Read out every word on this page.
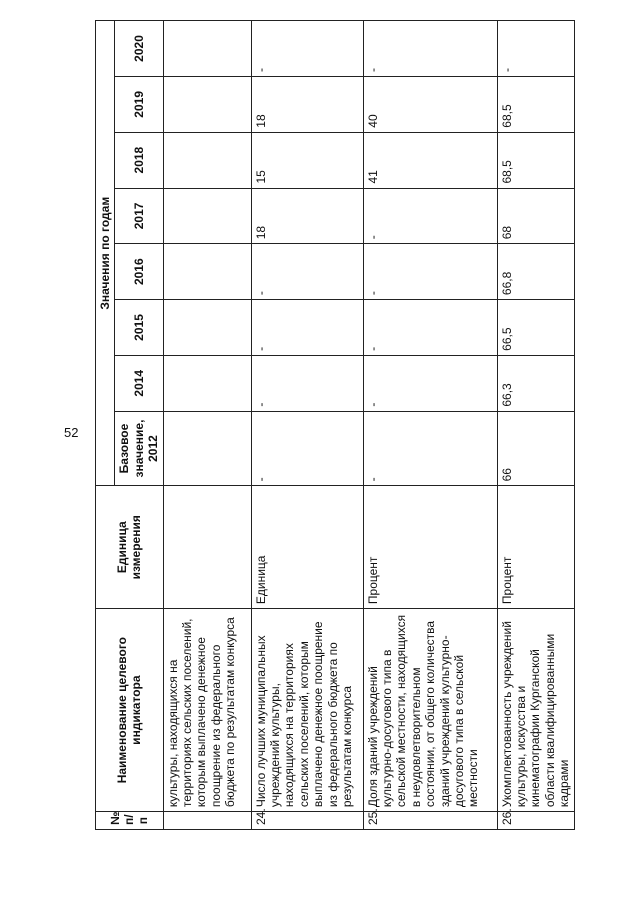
52
№ п/п	Наименование целевого индикатора	Единица измерения	Значения по годам							
			Базовое значение, 2012	2014	2015	2016	2017	2018	2019	2020
	культуры, находящихся на территориях сельских поселений, которым выплачено денежное поощрение из федерального бюджета по результатам конкурса									
24.	Число лучших муниципальных учреждений культуры, находящихся на территориях сельских поселений, которым выплачено денежное поощрение из федерального бюджета по результатам конкурса	Единица	-	-	-	-	18	15	18	-
25.	Доля зданий учреждений культурно-досугового типа в сельской местности, находящихся в неудовлетворительном состоянии, от общего количества зданий учреждений культурно-досугового типа в сельской местности	Процент	-	-	-	-	-	41	40	-
26.	Укомплектованность учреждений культуры, искусства и кинематографии Курганской области квалифицированными кадрами	Процент	66	66,3	66,5	66,8	68	68,5	68,5	-
